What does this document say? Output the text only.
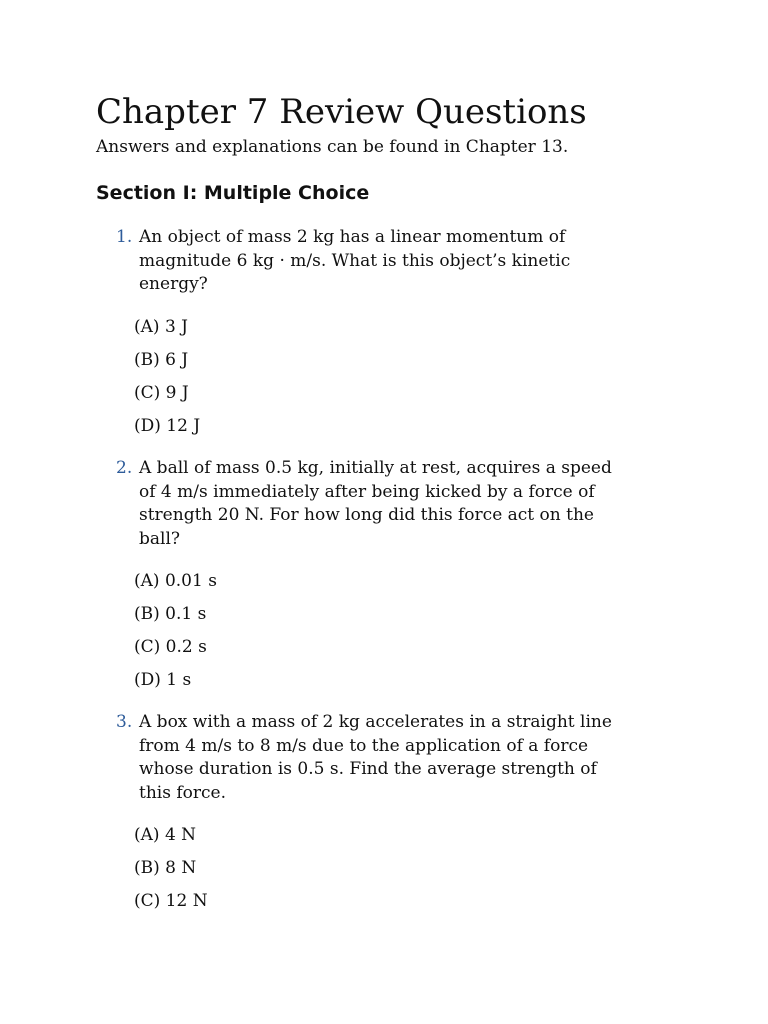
Chapter 7 Review Questions
Answers and explanations can be found in Chapter 13.
Section I: Multiple Choice
1. An object of mass 2 kg has a linear momentum of
magnitude 6 kg · m/s. What is this object’s kinetic
energy?
(A) 3 J
(B) 6 J
(C) 9 J
(D) 12 J
2. A ball of mass 0.5 kg, initially at rest, acquires a speed
of 4 m/s immediately after being kicked by a force of
strength 20 N. For how long did this force act on the
ball?
(A) 0.01 s
(B) 0.1 s
(C) 0.2 s
(D) 1 s
3. A box with a mass of 2 kg accelerates in a straight line
from 4 m/s to 8 m/s due to the application of a force
whose duration is 0.5 s. Find the average strength of
this force.
(A) 4 N
(B) 8 N
(C) 12 N
